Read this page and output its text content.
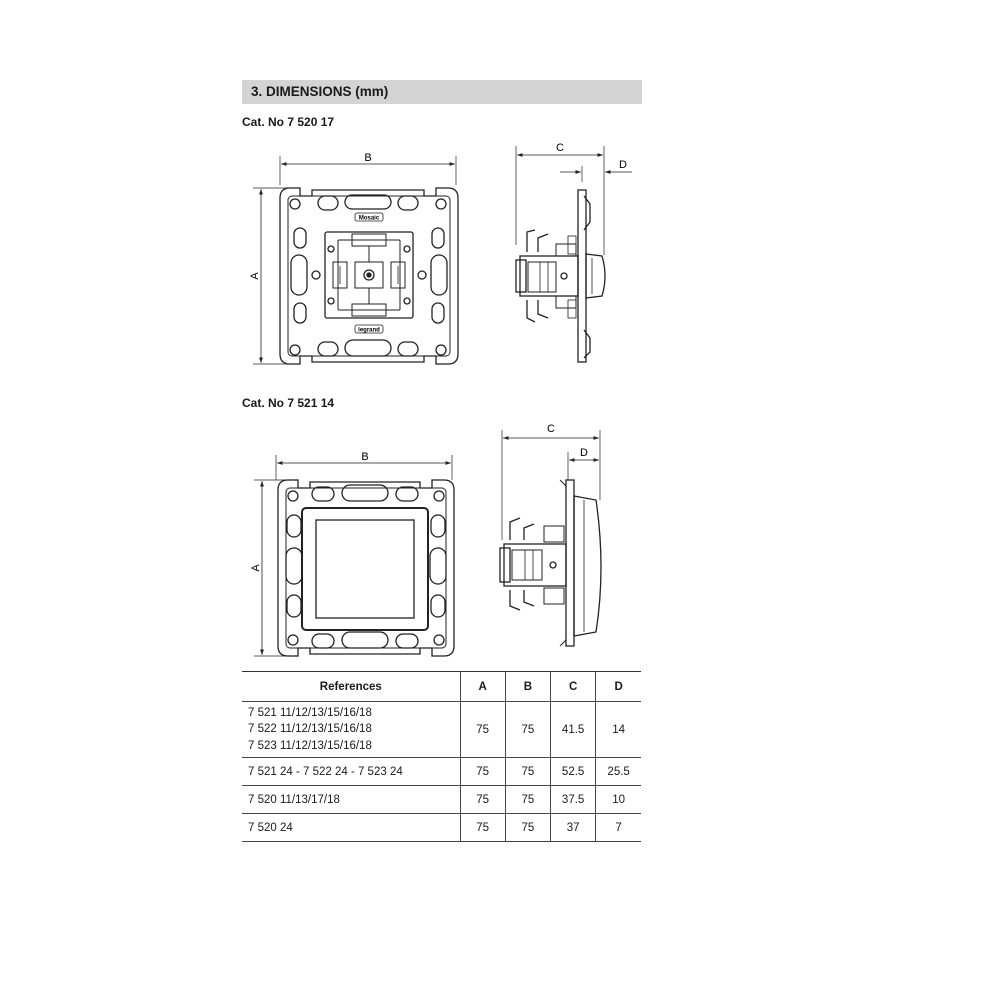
3. DIMENSIONS (mm)
Cat. No 7 520 17
Cat. No 7 521 14
B
A
Mosaic
legrand
C
D
B
A
C
D
References	A	B	C	D

7 521 11/12/13/15/16/18
7 522 11/12/13/15/16/18
7 523 11/12/13/15/16/18	75	75	41.5	14
7 521 24 - 7 522 24 - 7 523 24	75	75	52.5	25.5
7 520 11/13/17/18	75	75	37.5	10
7 520 24	75	75	37	7
